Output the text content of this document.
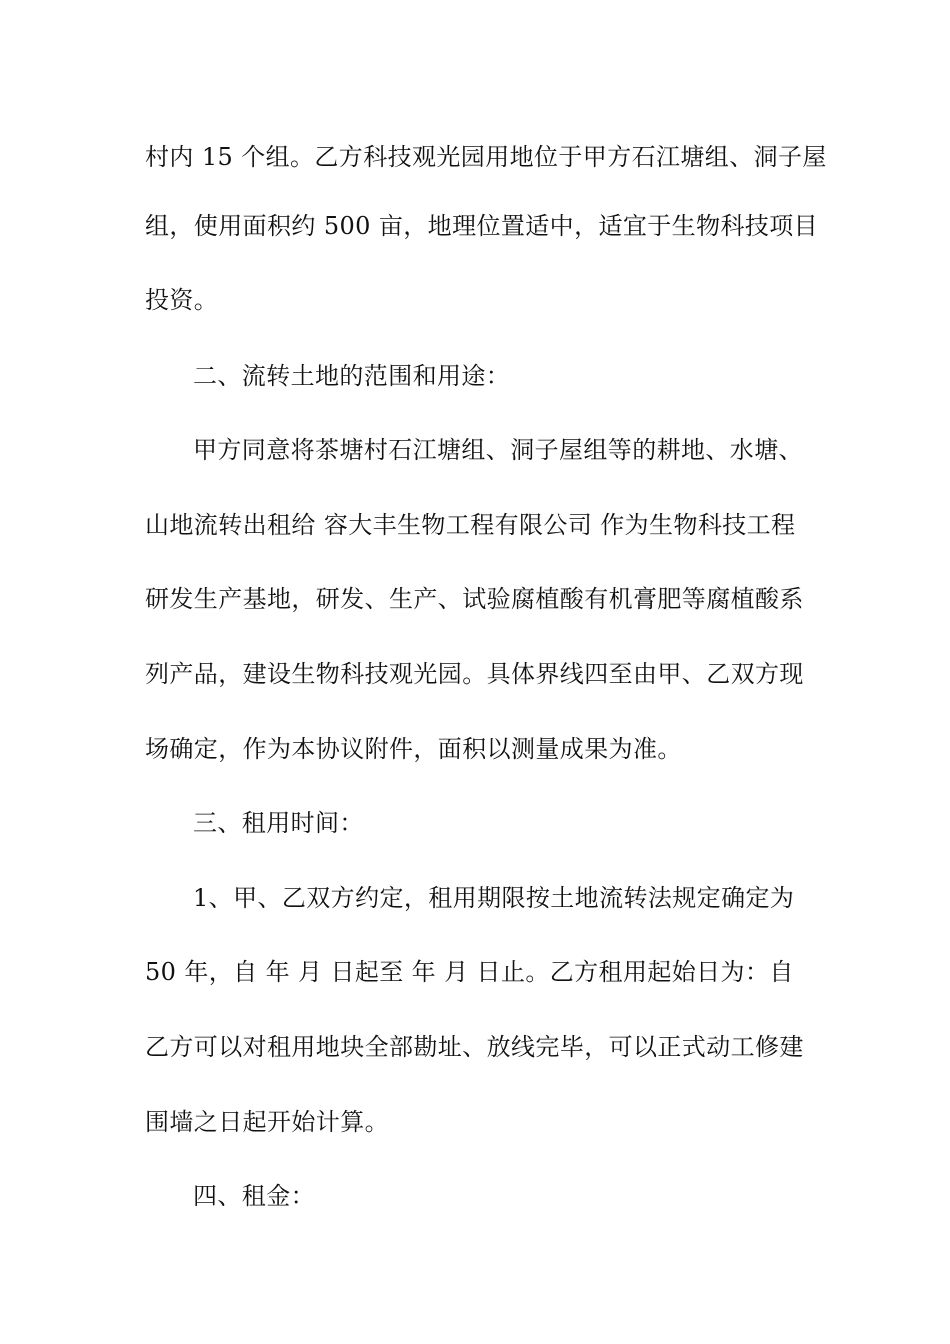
村内 15 个组。乙方科技观光园用地位于甲方石江塘组、洞子屋
组，使用面积约 500 亩，地理位置适中，适宜于生物科技项目
投资。
二、流转土地的范围和用途：
甲方同意将茶塘村石江塘组、洞子屋组等的耕地、水塘、
山地流转出租给 容大丰生物工程有限公司 作为生物科技工程
研发生产基地，研发、生产、试验腐植酸有机膏肥等腐植酸系
列产品，建设生物科技观光园。具体界线四至由甲、乙双方现
场确定，作为本协议附件，面积以测量成果为准。
三、租用时间：
1、甲、乙双方约定，租用期限按土地流转法规定确定为
50 年，自 年 月 日起至 年 月 日止。乙方租用起始日为：自
乙方可以对租用地块全部勘址、放线完毕，可以正式动工修建
围墙之日起开始计算。
四、租金：
